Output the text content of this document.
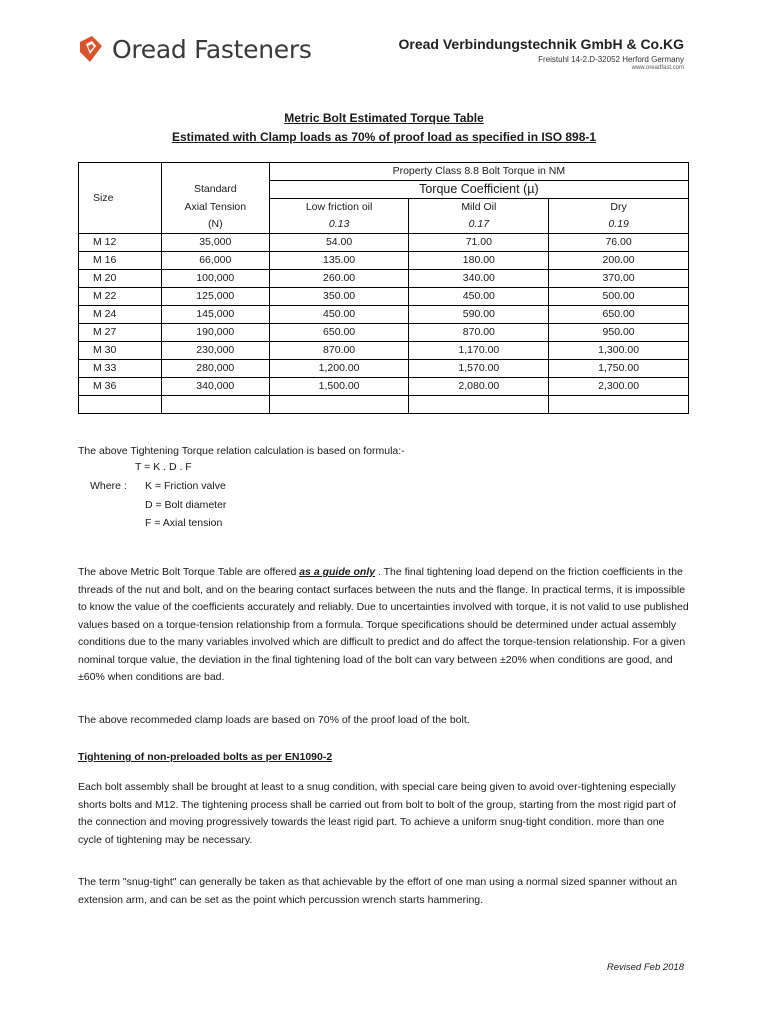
Oread Fasteners	Oread Verbindungstechnik GmbH & Co.KG
Freistuhl 14-2.D-32052 Herford Germany
www.oreadfast.com
Metric Bolt Estimated Torque Table
Estimated with Clamp loads as 70% of proof load as specified in ISO 898-1
		Property Class 8.8 Bolt Torque in NM		
Size	Standard	Torque Coefficient (µ)		
	Axial Tension	Low friction oil	Mild Oil	Dry
	(N)	0.13	0.17	0.19
M 12	35,000	54.00	71.00	76.00
M 16	66,000	135.00	180.00	200.00
M 20	100,000	260.00	340.00	370.00
M 22	125,000	350.00	450.00	500.00
M 24	145,000	450.00	590.00	650.00
M 27	190,000	650.00	870.00	950.00
M 30	230,000	870.00	1,170.00	1,300.00
M 33	280,000	1,200.00	1,570.00	1,750.00
M 36	340,000	1,500.00	2,080.00	2,300.00

The above Tightening Torque relation calculation is based on formula:-
T = K . D . F
Where : K = Friction valve
D = Bolt diameter
F = Axial tension
The above Metric Bolt Torque Table are offered as a guide only . The final tightening load depend on the friction coefficients in the threads of the nut and bolt, and on the bearing contact surfaces between the nuts and the flange. In practical terms, it is impossible to know the value of the coefficients accurately and reliably. Due to uncertainties involved with torque, it is not valid to use published values based on a torque-tension relationship from a formula. Torque specifications should be determined under actual assembly conditions due to the many variables involved which are difficult to predict and do affect the torque-tension relationship. For a given nominal torque value, the deviation in the final tightening load of the bolt can vary between ±20% when conditions are good, and ±60% when conditions are bad.
The above recommeded clamp loads are based on 70% of the proof load of the bolt.
Tightening of non-preloaded bolts as per EN1090-2
Each bolt assembly shall be brought at least to a snug condition, with special care being given to avoid over-tightening especially shorts bolts and M12. The tightening process shall be carried out from bolt to bolt of the group, starting from the most rigid part of the connection and moving progressively towards the least rigid part. To achieve a uniform snug-tight condition. more than one cycle of tightening may be necessary.
The term "snug-tight" can generally be taken as that achievable by the effort of one man using a normal sized spanner without an extension arm, and can be set as the point which percussion wrench starts hammering.
Revised Feb 2018
